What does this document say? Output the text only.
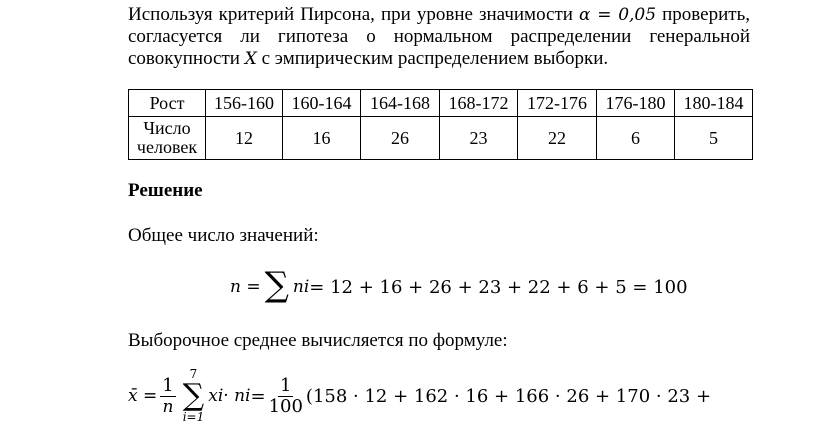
Используя критерий Пирсона, при уровне значимости α = 0,05 проверить,
согласуется ли гипотеза о нормальном распределении генеральной
совокупности X с эмпирическим распределением выборки.
Рост	156-160	160-164	164-168	168-172	172-176	176-180	180-184
Число человек	12	16	26	23	22	6	5
Решение
Общее число значений:
n = ∑ n i = 12 + 16 + 26 + 23 + 22 + 6 + 5 = 100
Выборочное среднее вычисляется по формуле:
x̄ = $\frac{1}{n}$
7
∑
i=1
x i · n $i = \frac{1}{100} (158 \cdot 12 + 162 \cdot 16 + 166 \cdot 26 + 170 \cdot 23$ +
